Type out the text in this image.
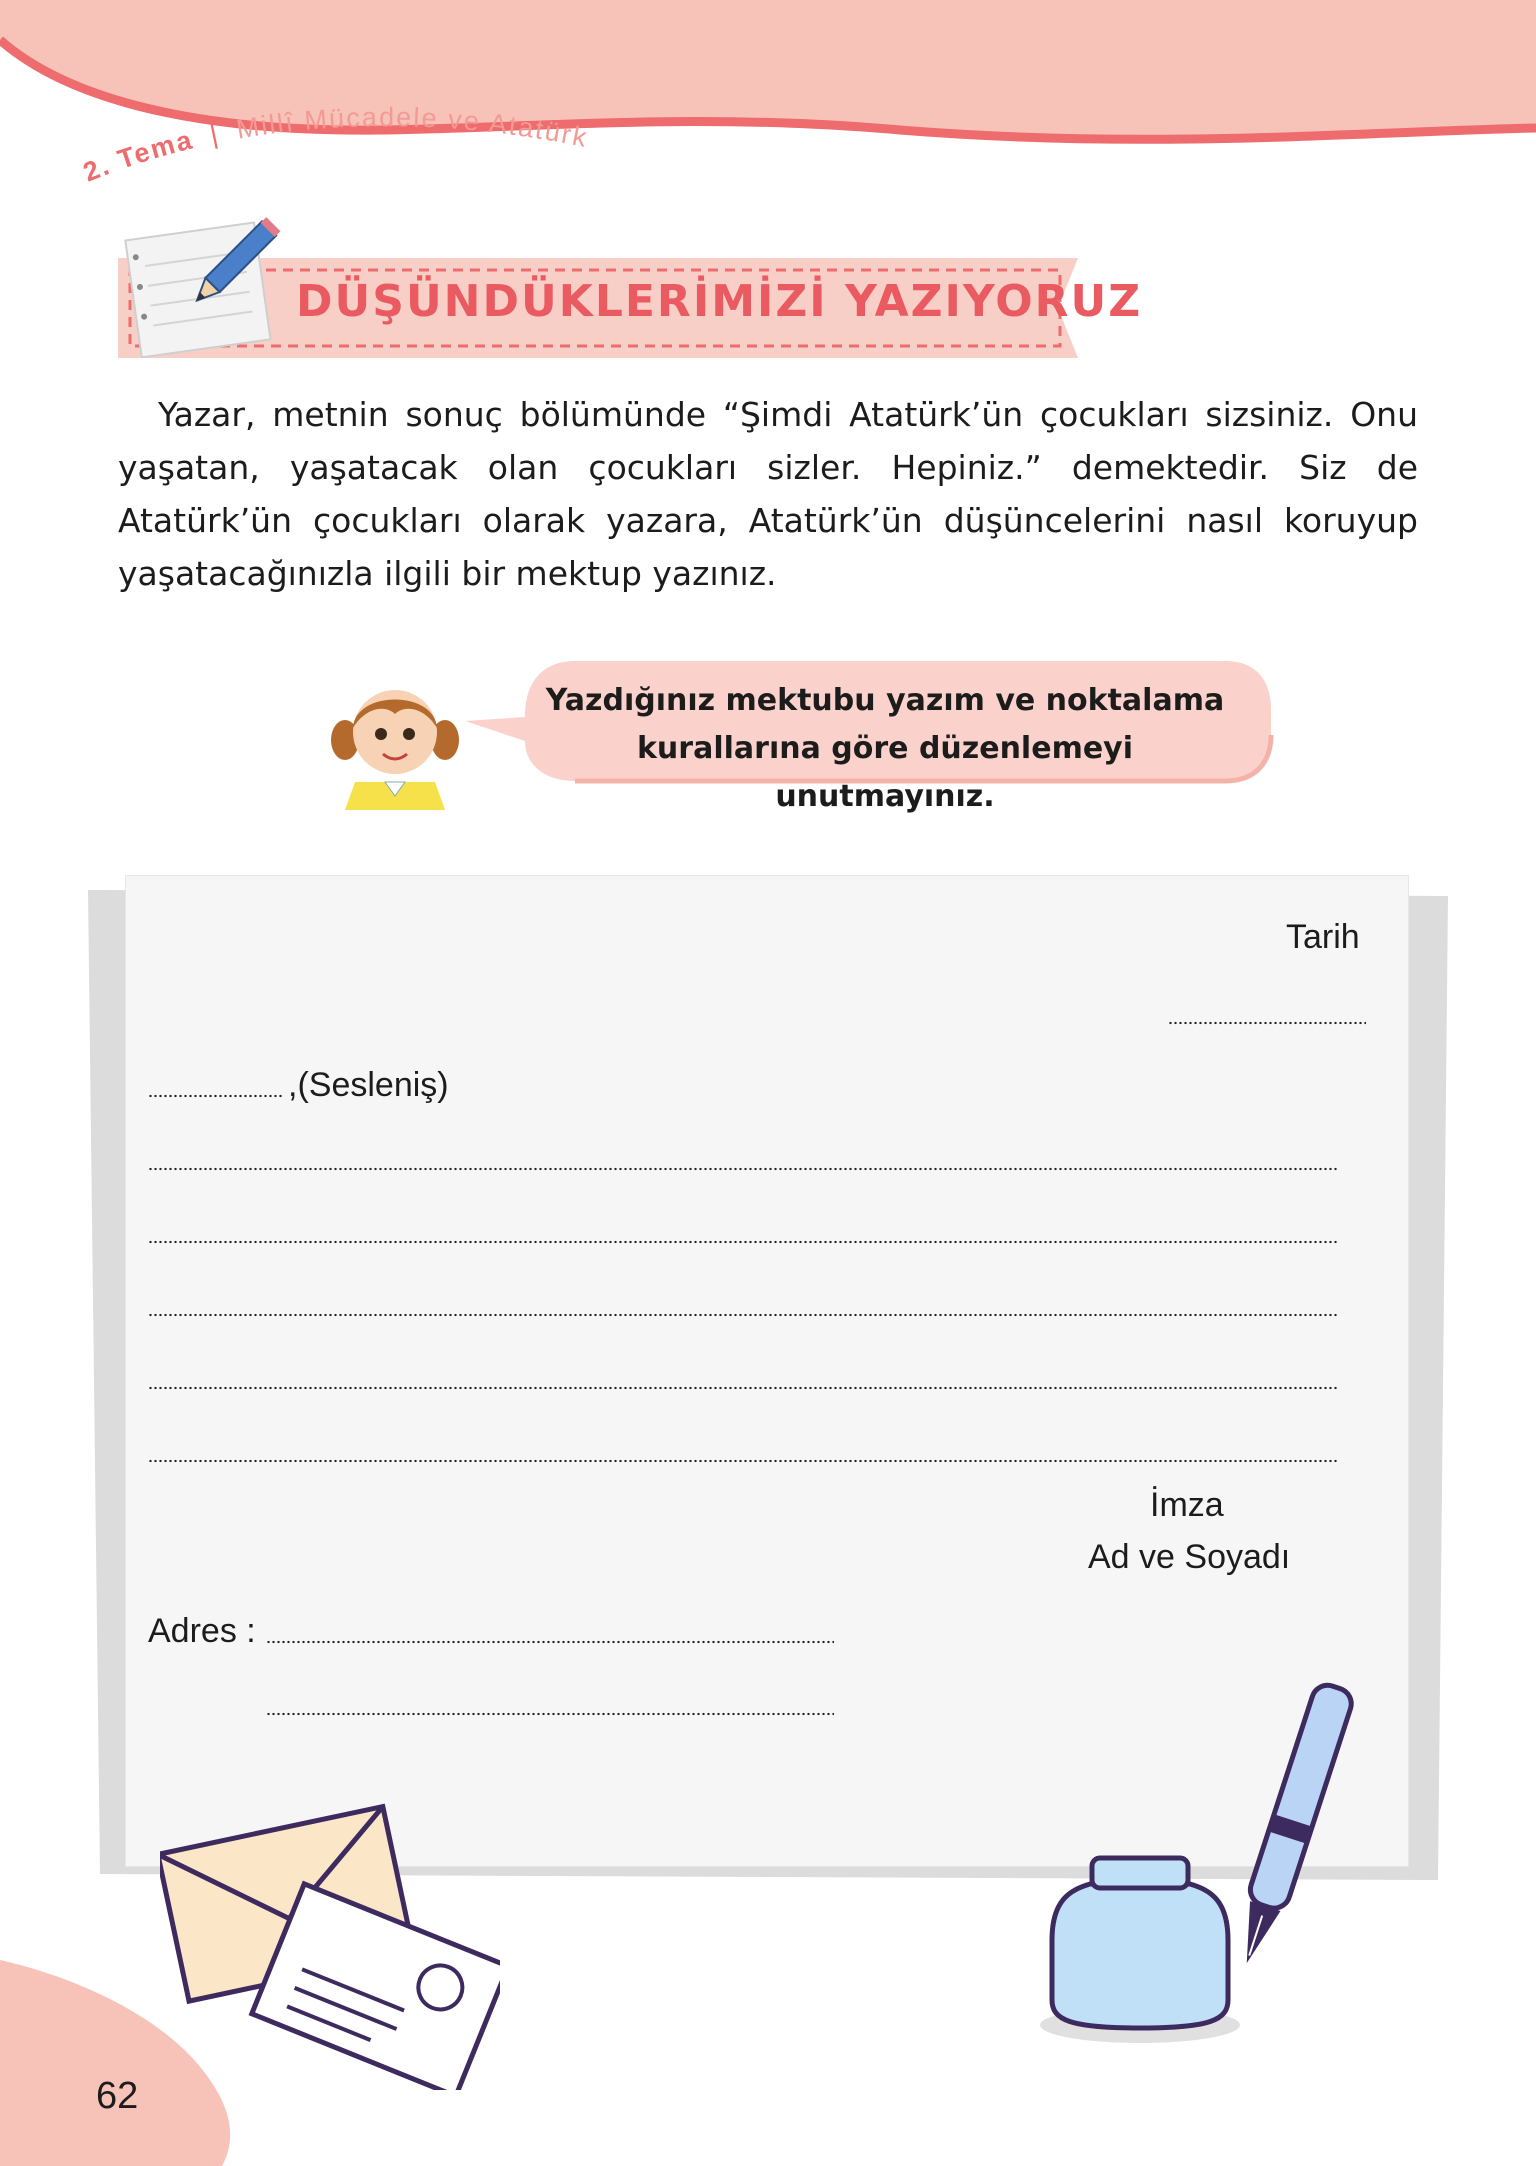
2. Tema | Millî Mücadele ve Atatürk
DÜŞÜNDÜKLERİMİZİ YAZIYORUZ
Yazar, metnin sonuç bölümünde “Şimdi Atatürk’ün çocukları sizsiniz. Onu yaşatan, yaşatacak olan çocukları sizler. Hepiniz.” demektedir. Siz de Atatürk’ün çocukları olarak yazara, Atatürk’ün düşüncelerini nasıl koruyup yaşatacağınızla ilgili bir mektup yazınız.
Yazdığınız mektubu yazım ve noktalama
kurallarına göre düzenlemeyi unutmayınız.
Tarih
,(Sesleniş)
İmza
Ad ve Soyadı
Adres :
62
